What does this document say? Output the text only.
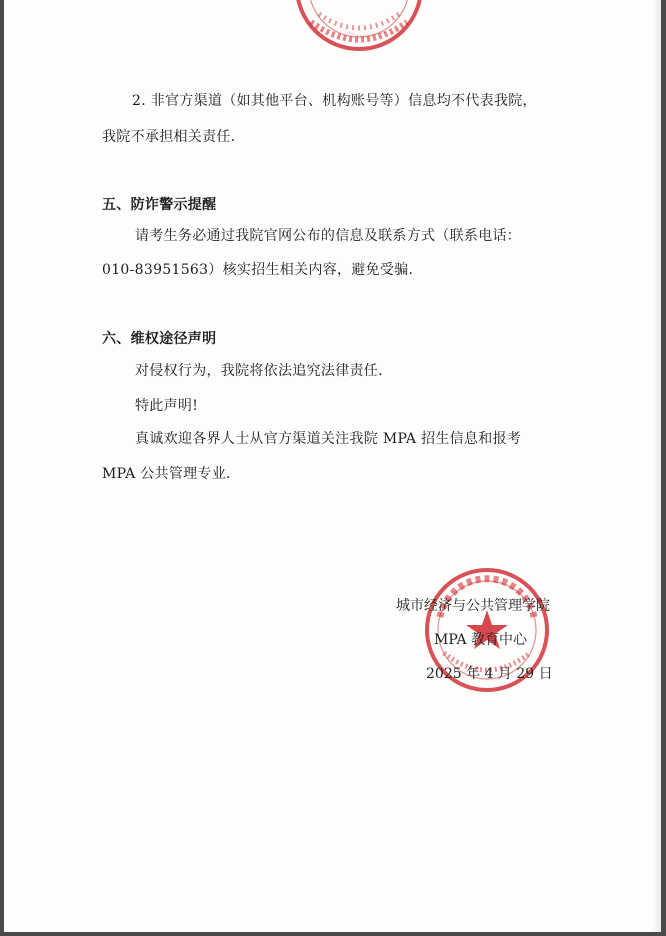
2. 非官方渠道（如其他平台、机构账号等）信息均不代表我院，
我院不承担相关责任．
五、防诈警示提醒
请考生务必通过我院官网公布的信息及联系方式（联系电话：
010-83951563）核实招生相关内容，避免受骗．
六、维权途径声明
对侵权行为，我院将依法追究法律责任．
特此声明!
真诚欢迎各界人士从官方渠道关注我院 MPA 招生信息和报考
MPA 公共管理专业．
城市经济与公共管理学院
MPA 教育中心
2025 年 4 月 29 日
